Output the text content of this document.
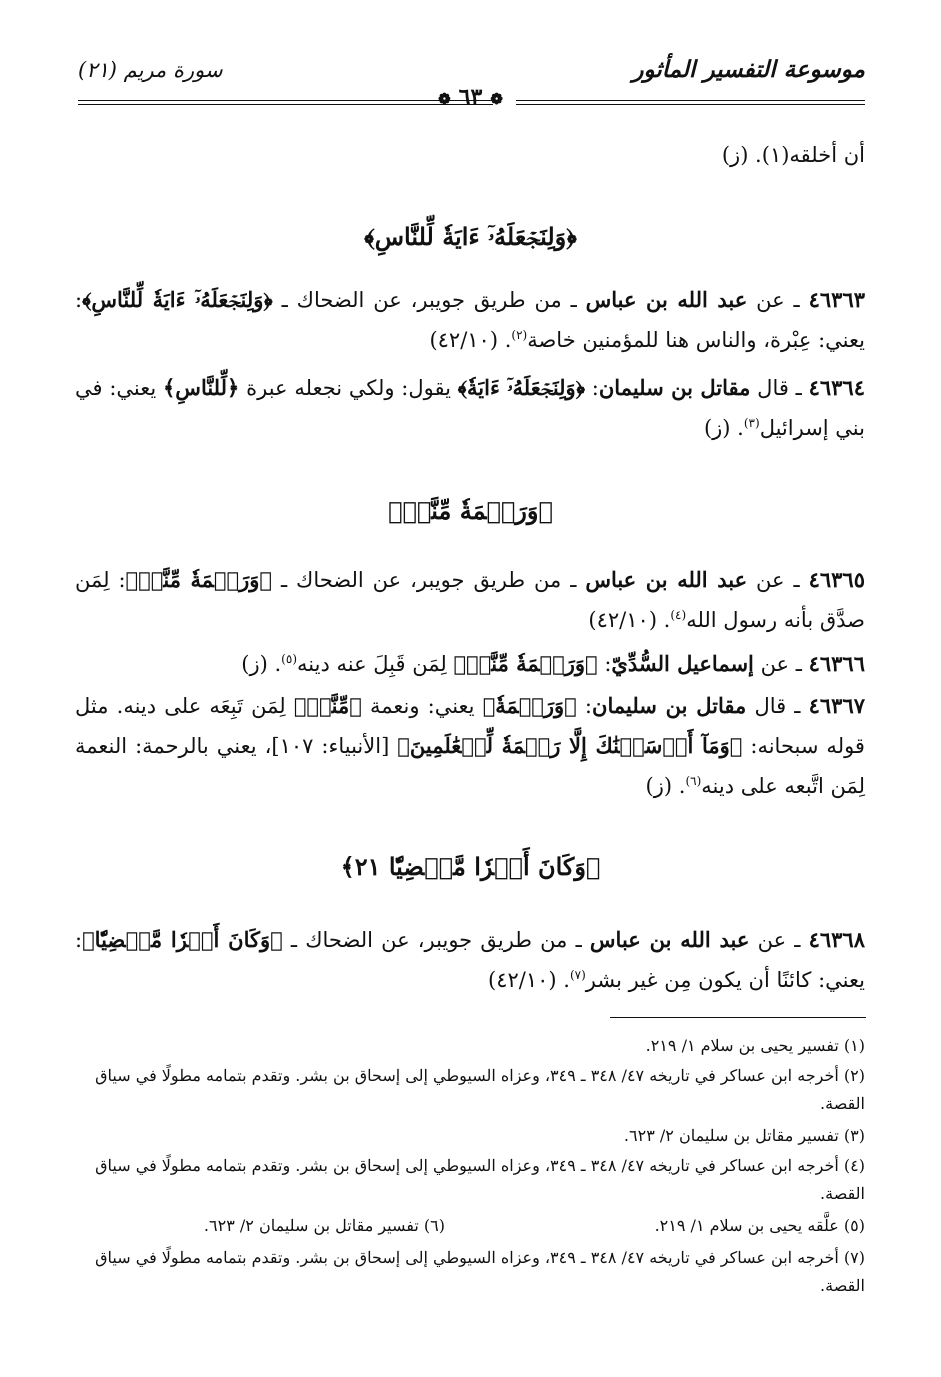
موسوعة التفسير المأثور
سورة مريم (٢١)
❁٦٣❁
أن أخلقه(١). (ز)
﴿وَلِنَجۡعَلَهُۥٓ ءَايَةٗ لِّلنَّاسِ﴾
٤٦٣٦٣ ـ عن عبد الله بن عباس ـ من طريق جويبر، عن الضحاك ـ ﴿وَلِنَجۡعَلَهُۥٓ ءَايَةٗ لِّلنَّاسِ﴾: يعني: عِبْرة، والناس هنا للمؤمنين خاصة$^{(٢)}$. (٤٢/١٠)
٤٦٣٦٤ ـ قال مقاتل بن سليمان: ﴿وَلِنَجۡعَلَهُۥٓ ءَايَةٗ﴾ يقول: ولكي نجعله عبرة ﴿لِّلنَّاسِ﴾ يعني: في بني إسرائيل$^{(٣)}$. (ز)
﴿وَرَحۡمَةٗ مِّنَّاۚ﴾
٤٦٣٦٥ ـ عن عبد الله بن عباس ـ من طريق جويبر، عن الضحاك ـ ﴿وَرَحۡمَةٗ مِّنَّاۚ﴾: لِمَن صدَّق بأنه رسول الله$^{(٤)}$. (٤٢/١٠)
٤٦٣٦٦ ـ عن إسماعيل السُّدِّيّ: ﴿وَرَحۡمَةٗ مِّنَّاۚ﴾ لِمَن قَبِلَ عنه دينه$^{(٥)}$. (ز)
٤٦٣٦٧ ـ قال مقاتل بن سليمان: ﴿وَرَحۡمَةٗ﴾ يعني: ونعمة ﴿مِّنَّاۚ﴾ لِمَن تَبِعَه على دينه. مثل قوله سبحانه: ﴿وَمَآ أَرۡسَلۡنَٰكَ إِلَّا رَحۡمَةٗ لِّلۡعَٰلَمِينَ﴾ [الأنبياء: ١٠٧]، يعني بالرحمة: النعمة لِمَن اتَّبعه على دينه$^{(٦)}$. (ز)
﴿وَكَانَ أَمۡرٗا مَّقۡضِيّٗا ٢١﴾
٤٦٣٦٨ ـ عن عبد الله بن عباس ـ من طريق جويبر، عن الضحاك ـ ﴿وَكَانَ أَمۡرٗا مَّقۡضِيّٗا﴾: يعني: كائنًا أن يكون مِن غير بشر$^{(٧)}$. (٤٢/١٠)
(١) تفسير يحيى بن سلام ١/ ٢١٩.
(٢) أخرجه ابن عساكر في تاريخه ٤٧/ ٣٤٨ ـ ٣٤٩، وعزاه السيوطي إلى إسحاق بن بشر. وتقدم بتمامه مطولًا في سياق القصة.
(٣) تفسير مقاتل بن سليمان ٢/ ٦٢٣.
(٤) أخرجه ابن عساكر في تاريخه ٤٧/ ٣٤٨ ـ ٣٤٩، وعزاه السيوطي إلى إسحاق بن بشر. وتقدم بتمامه مطولًا في سياق القصة.
(٥) علَّقه يحيى بن سلام ١/ ٢١٩.
(٦) تفسير مقاتل بن سليمان ٢/ ٦٢٣.
(٧) أخرجه ابن عساكر في تاريخه ٤٧/ ٣٤٨ ـ ٣٤٩، وعزاه السيوطي إلى إسحاق بن بشر. وتقدم بتمامه مطولًا في سياق القصة.
